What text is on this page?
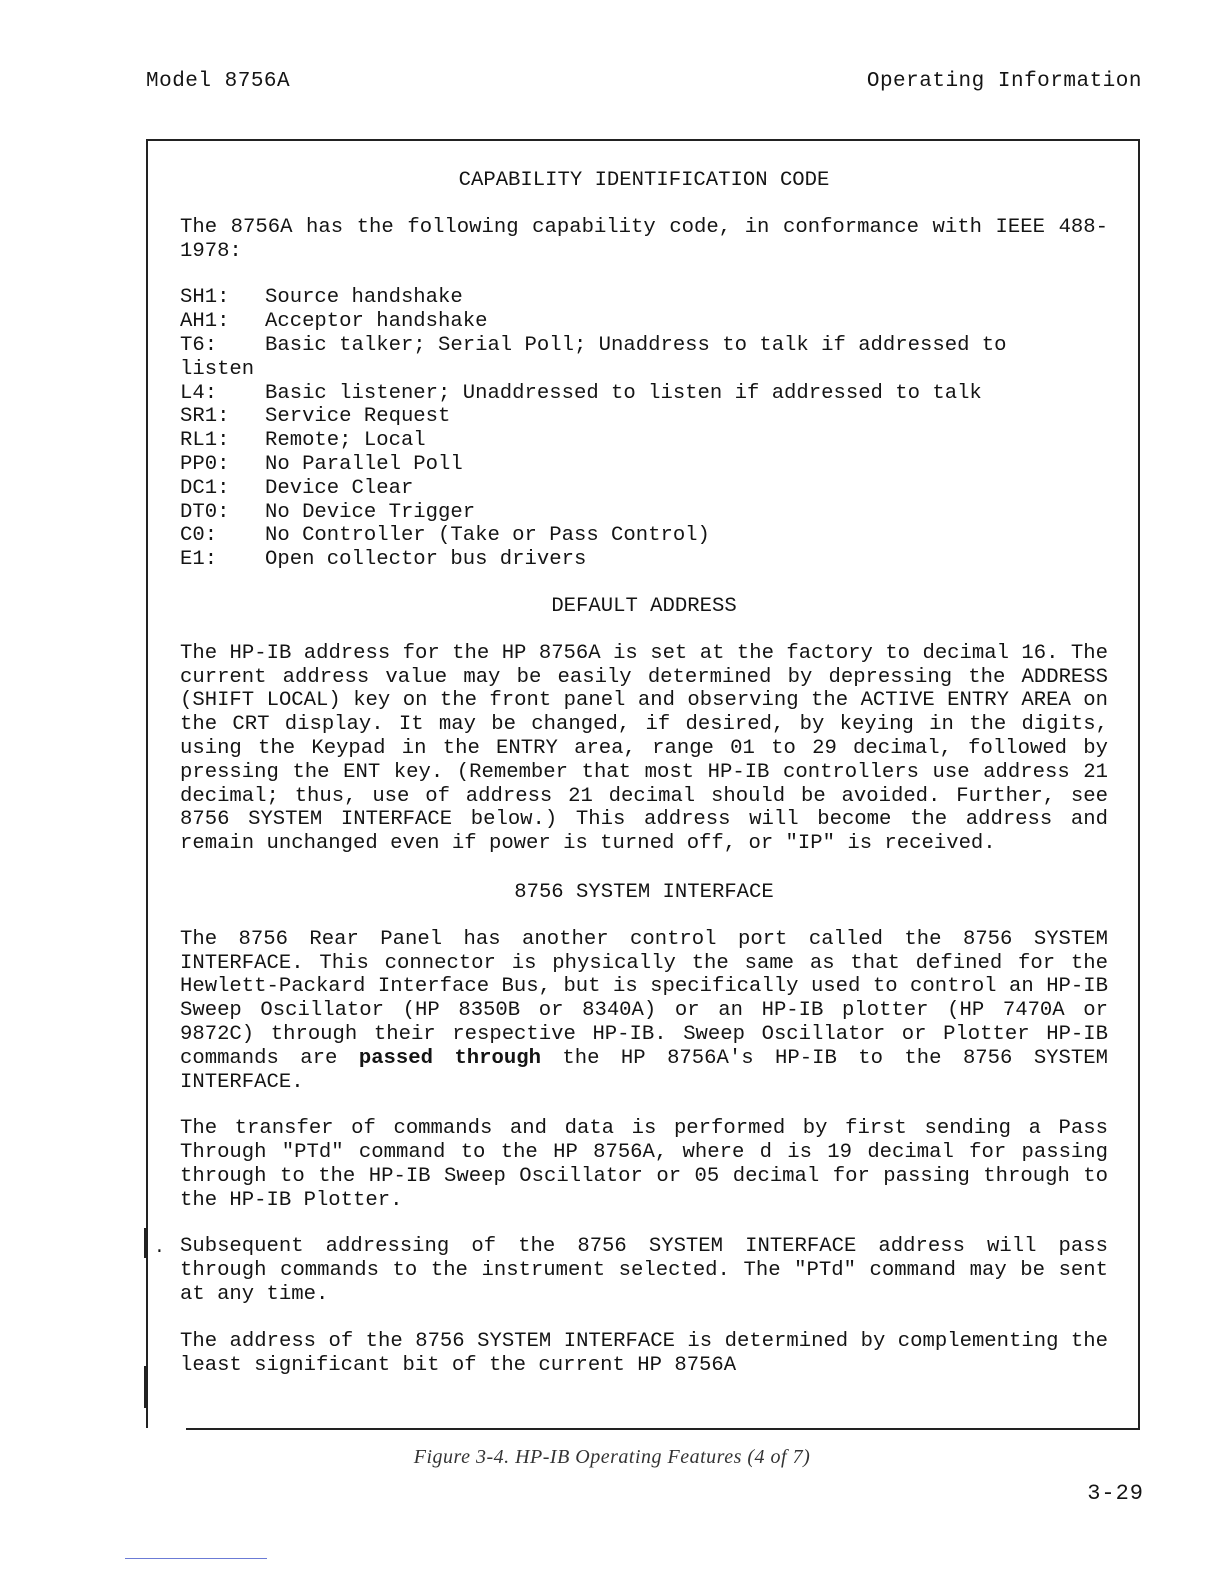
Model 8756A	Operating Information
CAPABILITY IDENTIFICATION CODE

The 8756A has the following capability code, in conformance with IEEE 488-1978:

SH1:	Source handshake
AH1:	Acceptor handshake
T6:	Basic talker; Serial Poll; Unaddress to talk if addressed to
listen
L4:	Basic listener; Unaddressed to listen if addressed to talk
SR1:	Service Request
RL1:	Remote; Local
PP0:	No Parallel Poll
DC1:	Device Clear
DT0:	No Device Trigger
C0:	No Controller (Take or Pass Control)
E1:	Open collector bus drivers
DEFAULT ADDRESS

The HP-IB address for the HP 8756A is set at the factory to decimal 16. The current address value may be easily determined by depressing the ADDRESS (SHIFT LOCAL) key on the front panel and observing the ACTIVE ENTRY AREA on the CRT display. It may be changed, if desired, by keying in the digits, using the Keypad in the ENTRY area, range 01 to 29 decimal, followed by pressing the ENT key. (Remember that most HP-IB controllers use address 21 decimal; thus, use of address 21 decimal should be avoided. Further, see 8756 SYSTEM INTERFACE below.) This address will become the address and remain unchanged even if power is turned off, or "IP" is received.

8756 SYSTEM INTERFACE

The 8756 Rear Panel has another control port called the 8756 SYSTEM INTERFACE. This connector is physically the same as that defined for the Hewlett-Packard Interface Bus, but is specifically used to control an HP-IB Sweep Oscillator (HP 8350B or 8340A) or an HP-IB plotter (HP 7470A or 9872C) through their respective HP-IB. Sweep Oscillator or Plotter HP-IB commands are passed through the HP 8756A's HP-IB to the 8756 SYSTEM INTERFACE.

The transfer of commands and data is performed by first sending a Pass Through "PTd" command to the HP 8756A, where d is 19 decimal for passing through to the HP-IB Sweep Oscillator or 05 decimal for passing through to the HP-IB Plotter.

Subsequent addressing of the 8756 SYSTEM INTERFACE address will pass through commands to the instrument selected. The "PTd" command may be sent at any time.

The address of the 8756 SYSTEM INTERFACE is determined by complementing the least significant bit of the current HP 8756A

.
Figure 3-4. HP-IB Operating Features (4 of 7)
3-29
